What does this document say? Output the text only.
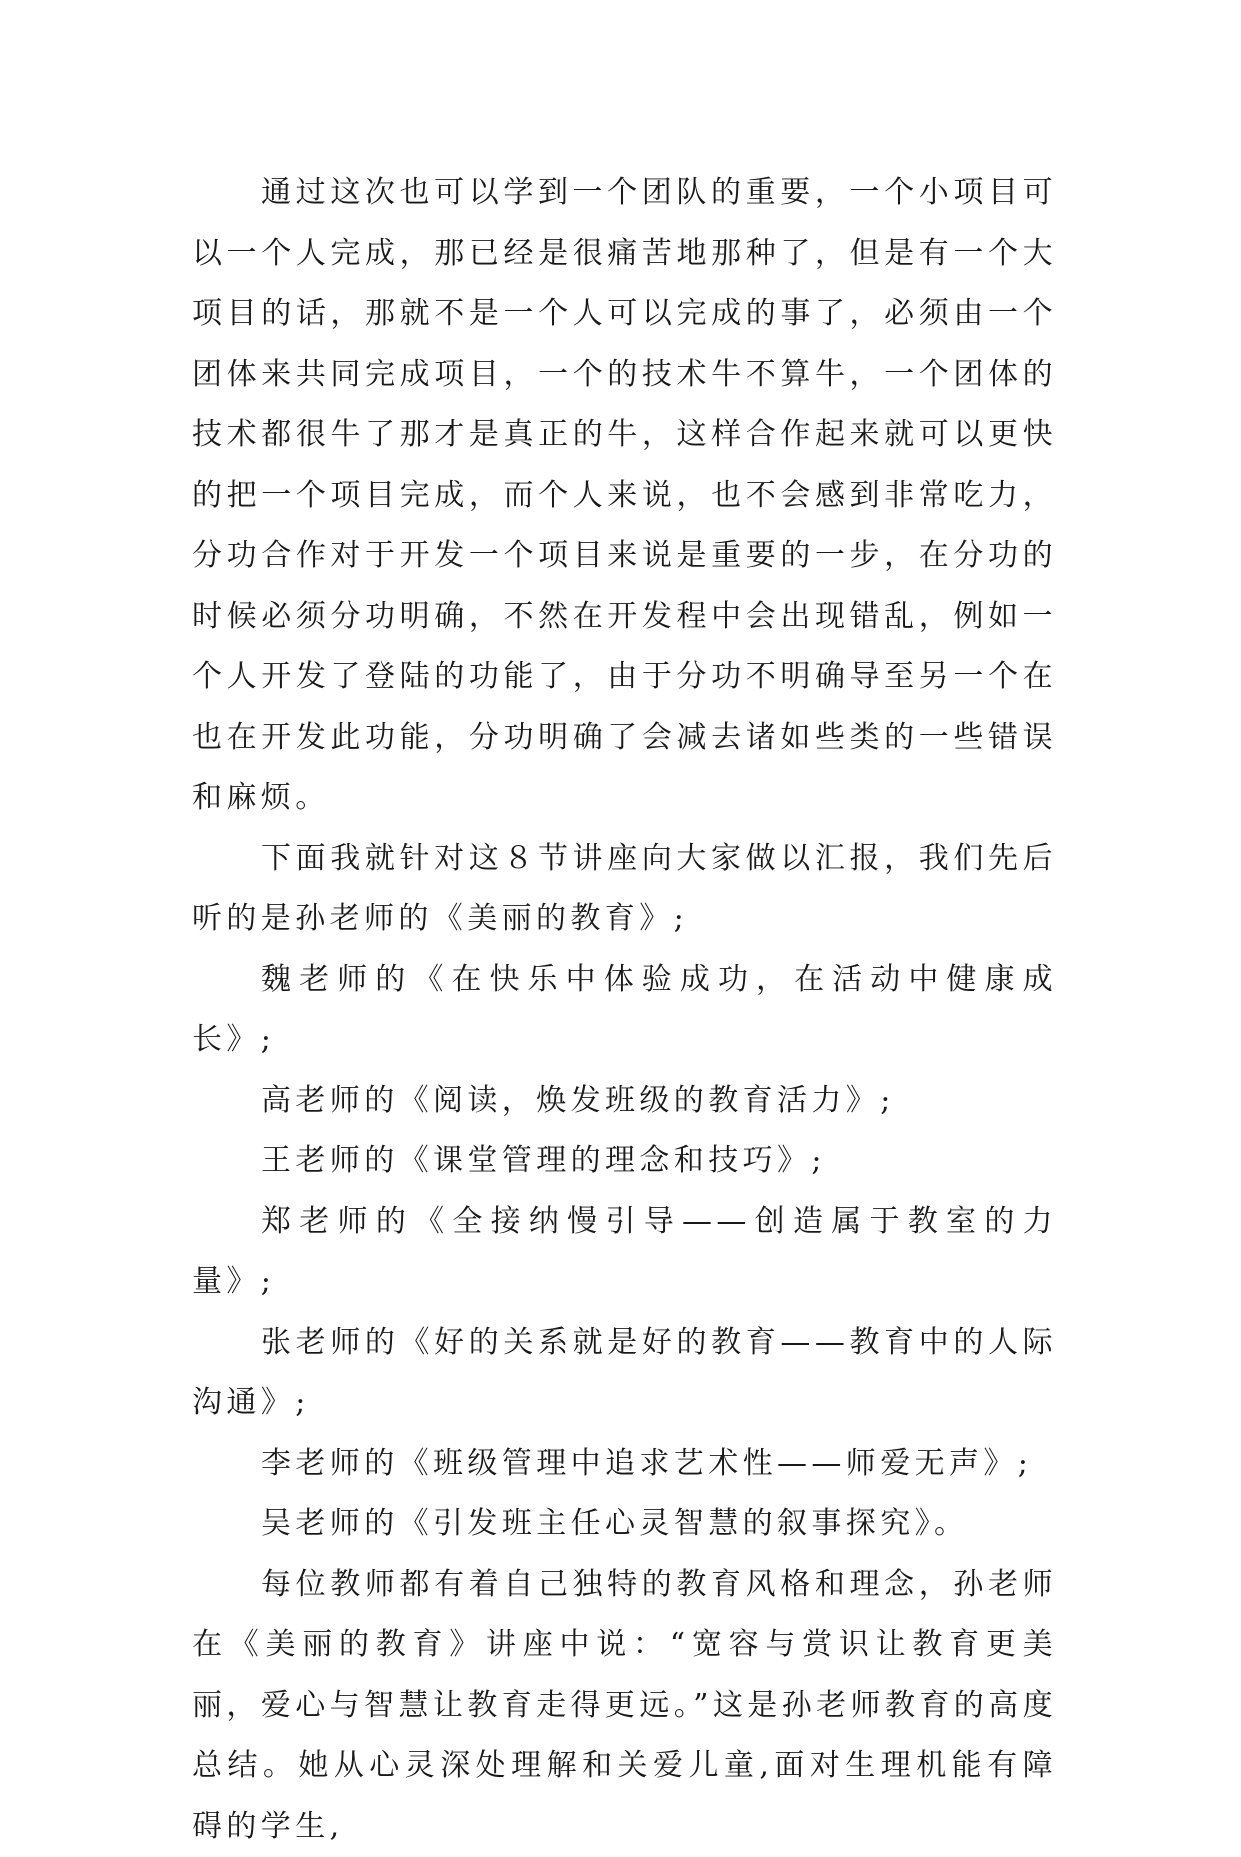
通过这次也可以学到一个团队的重要，一个小项目可以一个人完成，那已经是很痛苦地那种了，但是有一个大项目的话，那就不是一个人可以完成的事了，必须由一个团体来共同完成项目，一个的技术牛不算牛，一个团体的技术都很牛了那才是真正的牛，这样合作起来就可以更快的把一个项目完成，而个人来说，也不会感到非常吃力，分功合作对于开发一个项目来说是重要的一步，在分功的时候必须分功明确，不然在开发程中会出现错乱，例如一个人开发了登陆的功能了，由于分功不明确导至另一个在也在开发此功能，分功明确了会减去诸如些类的一些错误和麻烦。

下面我就针对这８节讲座向大家做以汇报，我们先后听的是孙老师的《美丽的教育》;

魏老师的《在快乐中体验成功，在活动中健康成长》;

高老师的《阅读，焕发班级的教育活力》;

王老师的《课堂管理的理念和技巧》;

郑老师的《全接纳慢引导——创造属于教室的力量》;

张老师的《好的关系就是好的教育——教育中的人际沟通》;

李老师的《班级管理中追求艺术性——师爱无声》;

吴老师的《引发班主任心灵智慧的叙事探究》。

每位教师都有着自己独特的教育风格和理念，孙老师在《美丽的教育》讲座中说：“宽容与赏识让教育更美丽，爱心与智慧让教育走得更远。”这是孙老师教育的高度总结。她从心灵深处理解和关爱儿童,面对生理机能有障碍的学生,
